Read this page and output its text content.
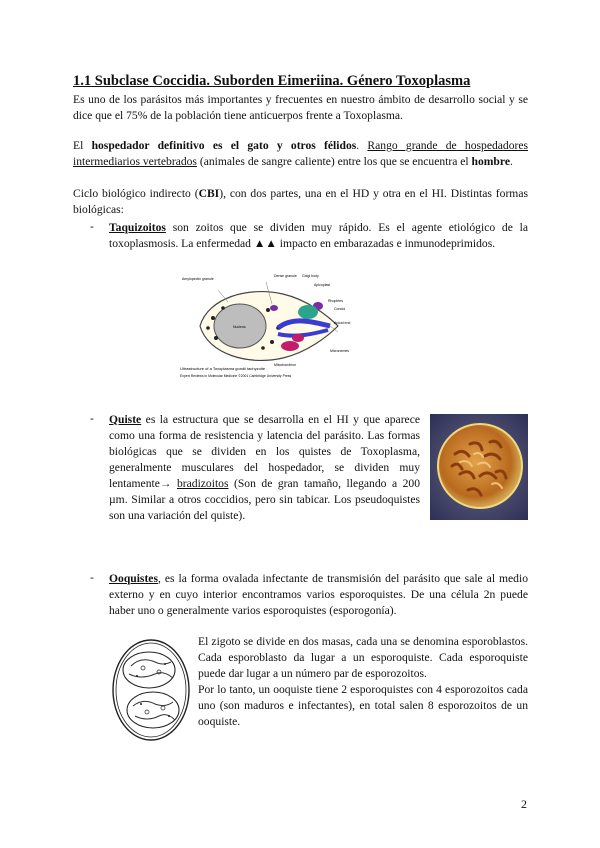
1.1 Subclase Coccidia. Suborden Eimeriina. Género Toxoplasma
Es uno de los parásitos más importantes y frecuentes en nuestro ámbito de desarrollo social y se dice que el 75% de la población tiene anticuerpos frente a Toxoplasma.
El hospedador definitivo es el gato y otros félidos. Rango grande de hospedadores intermediarios vertebrados (animales de sangre caliente) entre los que se encuentra el hombre.
Ciclo biológico indirecto (CBI), con dos partes, una en el HD y otra en el HI. Distintas formas biológicas:
- Taquizoitos son zoitos que se dividen muy rápido. Es el agente etiológico de la toxoplasmosis. La enfermedad ▲▲ impacto en embarazadas e inmunodeprimidos.
Dense granule Golgi body
Apicoplast
Rhoptries
Conoid
Apical end
Micronemes
Mitochondrion
Nucleus
Amylopectin granule
Ultrastructure of a Toxoplasma gondii tachyzoite
Expert Reviews in Molecular Medicine ©2001 Cambridge University Press
- Quiste es la estructura que se desarrolla en el HI y que aparece como una forma de resistencia y latencia del parásito. Las formas biológicas que se dividen en los quistes de Toxoplasma, generalmente musculares del hospedador, se dividen muy lentamente→ bradizoitos (Son de gran tamaño, llegando a 200 µm. Similar a otros coccidios, pero sin tabicar. Los pseudoquistes son una variación del quiste).
- Ooquistes, es la forma ovalada infectante de transmisión del parásito que sale al medio externo y en cuyo interior encontramos varios esporoquistes. De una célula 2n puede haber uno o generalmente varios esporoquistes (esporogonía).
El zigoto se divide en dos masas, cada una se denomina esporoblastos. Cada esporoblasto da lugar a un esporoquiste. Cada esporoquiste puede dar lugar a un número par de esporozoitos.
Por lo tanto, un ooquiste tiene 2 esporoquistes con 4 esporozoitos cada uno (son maduros e infectantes), en total salen 8 esporozoitos de un ooquiste.
2
